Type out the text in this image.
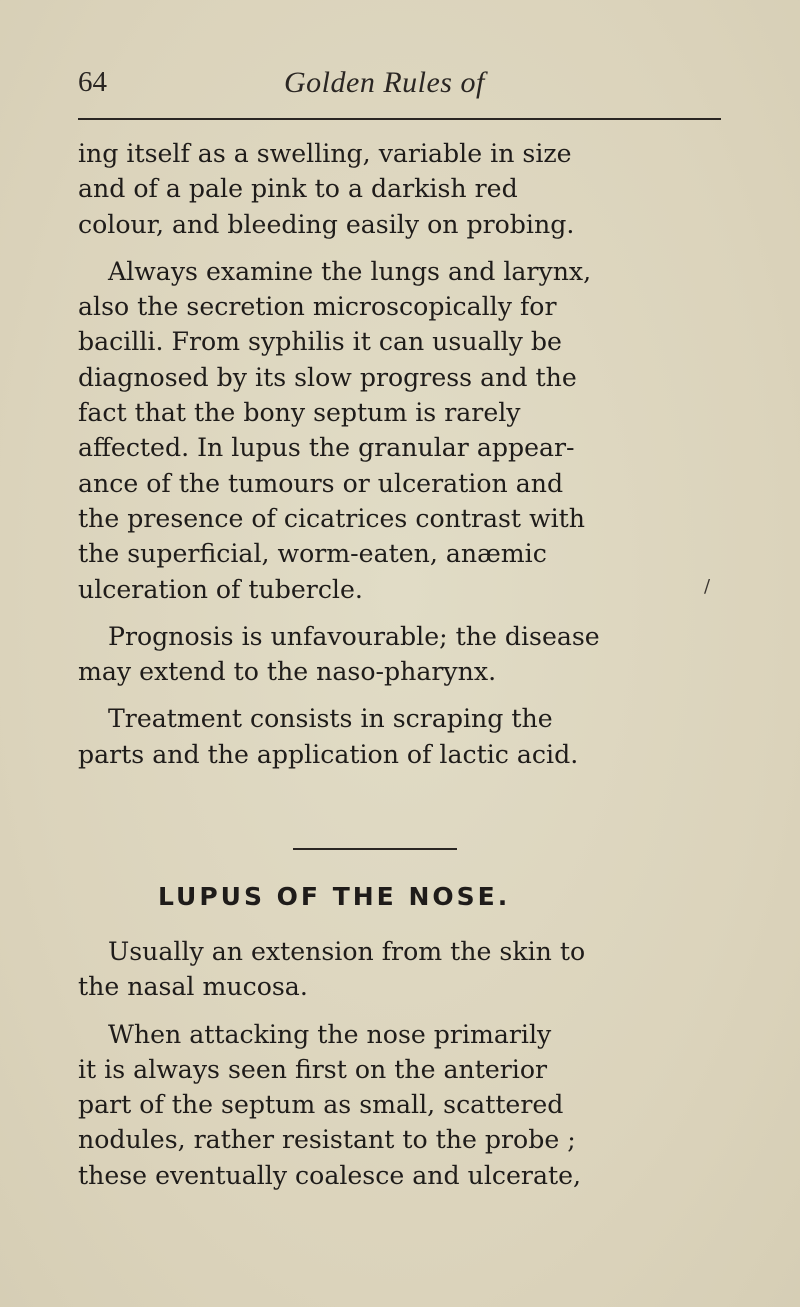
64	Golden Rules of

ing itself as a swelling, variable in size

and of a pale pink to a darkish red

colour, and bleeding easily on probing.

Always examine the lungs and larynx,

also the secretion microscopically for

bacilli. From syphilis it can usually be

diagnosed by its slow progress and the

fact that the bony septum is rarely

affected. In lupus the granular appear-

ance of the tumours or ulceration and

the presence of cicatrices contrast with

the superficial, worm-eaten, anæmic

ulceration of tubercle.

Prognosis is unfavourable; the disease

may extend to the naso-pharynx.

Treatment consists in scraping the

parts and the application of lactic acid.

/
LUPUS OF THE NOSE.

Usually an extension from the skin to

the nasal mucosa.

When attacking the nose primarily

it is always seen first on the anterior

part of the septum as small, scattered

nodules, rather resistant to the probe ;

these eventually coalesce and ulcerate,
